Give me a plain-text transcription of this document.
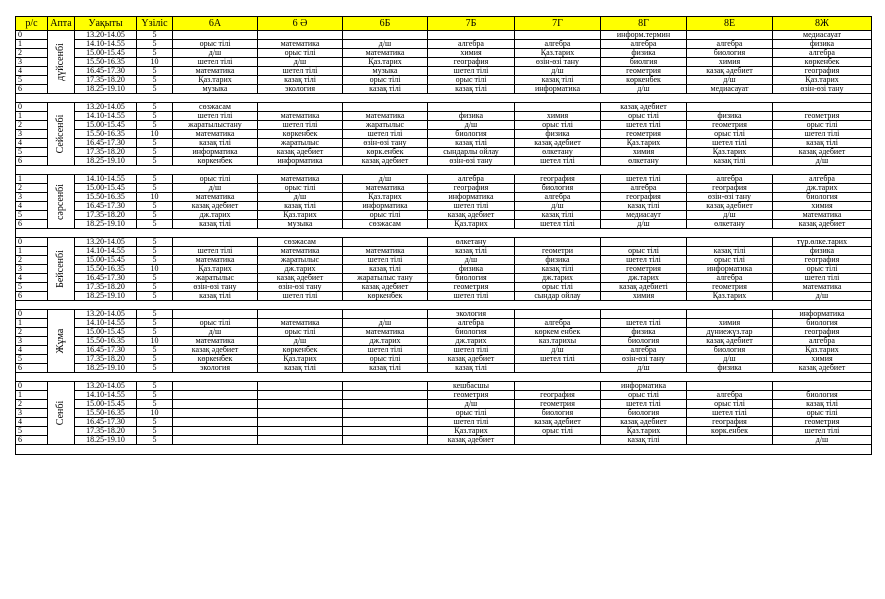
р/с	Апта	Уақыты	Үзіліс	6А	6 Ә	6Б	7Б	7Г	8Г	8Е	8Ж
0	дүйсенбі	13.20-14.05	5						информ.термин		медиасауат
1		14.10-14.55	5	орыс тілі	математика	д/ш	алгебра	алгебра	алгебра	алгебра	физика
2		15.00-15.45	5	д/ш	орыс тілі	математика	химия	Қаз.тарих	физика	биология	алгебра
3		15.50-16.35	10	шетел тілі	д/ш	Қаз.тарих	география	өзін-өзі тану	биолгия	химия	көркенбек
4		16.45-17.30	5	математика	шетел тілі	музыка	шетел тілі	д/ш	геометрия	казақ әдебиет	география
5		17.35-18.20	5	Қаз.тарих	казақ тілі	орыс тілі	орыс тілі	казақ тілі	көркенбек	д/ш	Қаз.тарих
6		18.25-19.10	5	музыка	экология	казақ тілі	казақ тілі	информатика	д/ш	медиасауат	өзін-өзі тану

0	Сейсенбі	13.20-14.05	5	сөзжасам					казақ әдебиет		
1		14.10-14.55	5	шетел тілі	математика	математика	физика	химия	орыс тілі	физика	геометрия
2		15.00-15.45	5	жаратылыстану	шетел тілі	жаратылыс	д/ш	орыс тілі	шетел тілі	геометрия	орыс тілі
3		15.50-16.35	10	математика	көркенбек	шетел тілі	биология	физика	геометрия	орыс тілі	шетел тілі
4		16.45-17.30	5	казақ тілі	жаратылыс	өзін-өзі тану	казақ тілі	казақ әдебиет	Қаз.тарих	шетел тілі	казақ тілі
5		17.35-18.20	5	информатика	казақ әдебиет	көрк.енбек	сындарлы ойлау	өлкетану	химия	Қаз.тарих	казақ әдебиет
6		18.25-19.10	5	көркенбек	информатика	казақ әдебиет	өзін-өзі тану	шетел тілі	өлкетану	казақ тілі	д/ш

1	сәрсенбі	14.10-14.55	5	орыс тілі	математика	д/ш	алгебра	география	шетел тілі	алгебра	алгебра
2		15.00-15.45	5	д/ш	орыс тілі	математика	география	биология	алгебра	география	дж.тарих
3		15.50-16.35	10	математика	д/ш	Қаз.тарих	информатика	алгебра	география	өзін-өзі тану	биология
4		16.45-17.30	5	казақ әдебиет	казақ тілі	информатика	шетел тілі	д/ш	казақ тілі	казақ әдебиет	химия
5		17.35-18.20	5	дж.тарих	Қаз.тарих	орыс тілі	казақ әдебиет	казақ тілі	медиасаут	д/ш	математика
6		18.25-19.10	5	казақ тілі	музыка	сөзжасам	Қаз.тарих	шетел тілі	д/ш	өлкетану	казақ әдебиет

0	Бейсенбі	13.20-14.05	5		сөзжасам		өлкетану				түр.өлке.тарих
1		14.10-14.55	5	шетел тілі	математика	математика	казақ тілі	геометри	орыс тілі	казақ тілі	физика
2		15.00-15.45	5	математика	жаратылыс	шетел тілі	д/ш	физика	шетел тілі	орыс тілі	география
3		15.50-16.35	10	Қаз.тарих	дж.тарих	казақ тілі	физика	казақ тілі	геометрия	информатика	орыс тілі
4		16.45-17.30	5	жаратылыс	казақ әдебиет	жаратылыс тану	биология	дж.тарих	дж.тарих	алгебра	шетел тілі
5		17.35-18.20	5	өзін-өзі тану	өзін-өзі тану	казақ әдебиет	геометрия	орыс тілі	казақ әдебиеті	геометрия	математика
6		18.25-19.10	5	казақ тілі	шетел тілі	көркенбек	шетел тілі	сындар ойлау	химия	Қаз.тарих	д/ш

0	Жұма	13.20-14.05	5				экология				информатика
1		14.10-14.55	5	орыс тілі	математика	д/ш	алгебра	алгебра	шетел тілі	химия	биология
2		15.00-15.45	5	д/ш	орыс тілі	математика	биология	көркем енбек	физика	дүниежүз.тар	география
3		15.50-16.35	10	математика	д/ш	дж.тарих	дж.тарих	каз.тарихы	биология	казақ әдебиет	алгебра
4		16.45-17.30	5	казақ әдебиет	көркенбек	шетел тілі	шетел тілі	д/ш	алгебра	биология	Қаз.тарих
5		17.35-18.20	5	көркенбек	Қаз.тарих	орыс тілі	казақ әдебиет	шетел тілі	өзін-өзі тану	д/ш	химия
6		18.25-19.10	5	экология	казақ тілі	казақ тілі	казақ тілі		д/ш	физика	казақ әдебиет

0	Сенбі	13.20-14.05	5				кешбасшы		информатика		
1		14.10-14.55	5				геометрия	география	орыс тілі	алгебра	биология
2		15.00-15.45	5				д/ш	геометрия	шетел тілі	орыс тілі	казақ тілі
3		15.50-16.35	10				орыс тілі	биология	биология	шетел тілі	орыс тілі
4		16.45-17.30	5				шетел тілі	казақ әдебиет	казақ әдебиет	география	геометрия
5		17.35-18.20	5				Қаз.тарих	орыс тілі	Қаз.тарих	көрк.енбек	шетел тілі
6		18.25-19.10	5				казақ әдебиет		казақ тілі		д/ш
